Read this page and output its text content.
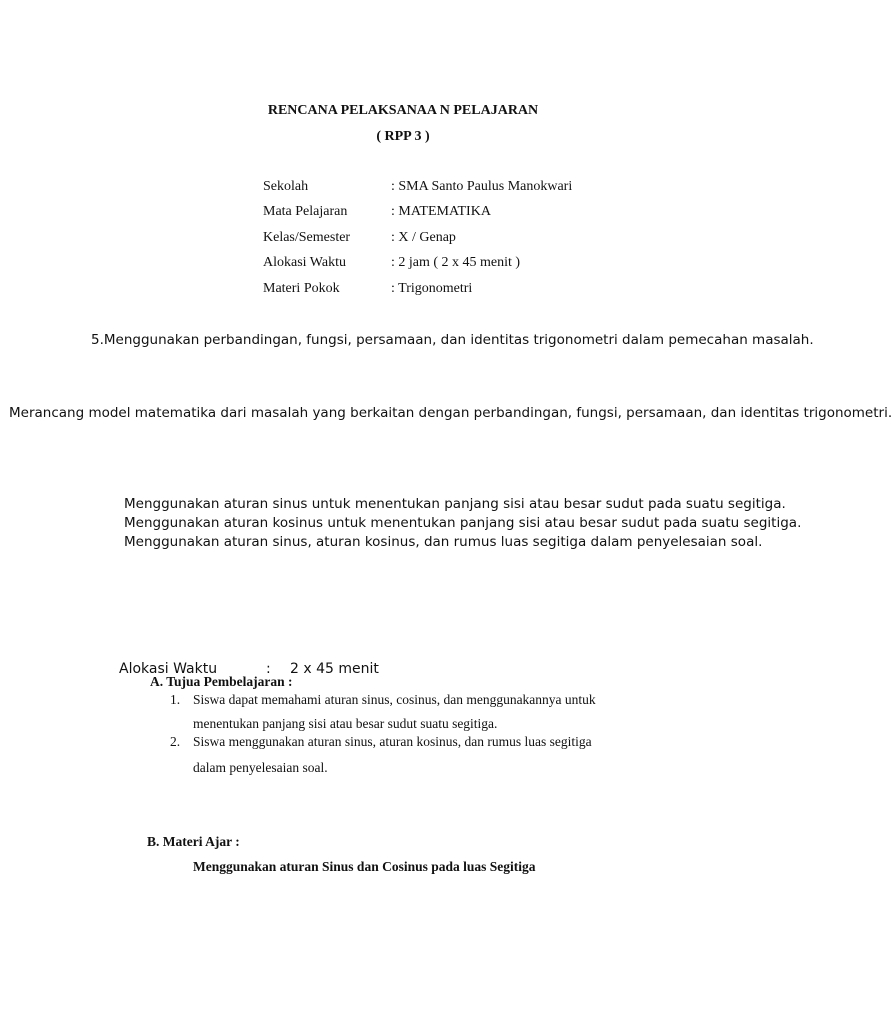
RENCANA PELAKSANAA N PELAJARAN
( RPP 3 )
Sekolah	: SMA Santo Paulus Manokwari
Mata Pelajaran	: MATEMATIKA
Kelas/Semester	: X / Genap
Alokasi Waktu	: 2 jam ( 2 x 45 menit )
Materi Pokok	: Trigonometri
5.Menggunakan perbandingan, fungsi, persamaan, dan identitas trigonometri dalam pemecahan masalah.
Merancang model matematika dari masalah yang berkaitan dengan perbandingan, fungsi, persamaan, dan identitas trigonometri.
Menggunakan aturan sinus untuk menentukan panjang sisi atau besar sudut pada suatu segitiga.
Menggunakan aturan kosinus untuk menentukan panjang sisi atau besar sudut pada suatu segitiga.
Menggunakan aturan sinus, aturan kosinus, dan rumus luas segitiga dalam penyelesaian soal.
Alokasi Waktu	: 2 x 45 menit
A. Tujua Pembelajaran :
1. Siswa dapat memahami aturan sinus, cosinus, dan menggunakannya untuk
menentukan panjang sisi atau besar sudut suatu segitiga.
2. Siswa menggunakan aturan sinus, aturan kosinus, dan rumus luas segitiga
dalam penyelesaian soal.
B. Materi Ajar :
Menggunakan aturan Sinus dan Cosinus pada luas Segitiga
